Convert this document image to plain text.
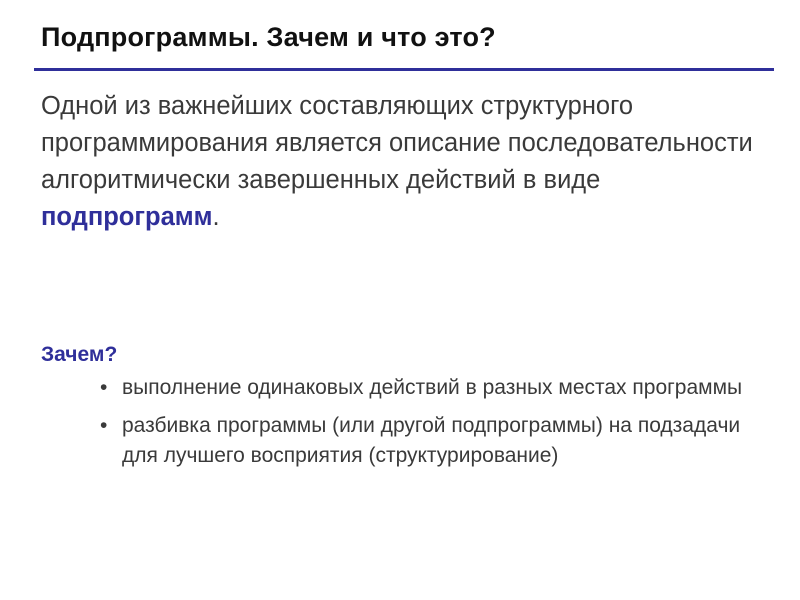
Подпрограммы. Зачем и что это?
Одной из важнейших составляющих структурного программирования является описание последовательности алгоритмически завершенных действий в виде подпрограмм.
Зачем?
• выполнение одинаковых действий в разных местах программы
• разбивка программы (или другой подпрограммы) на подзадачи для лучшего восприятия (структурирование)
